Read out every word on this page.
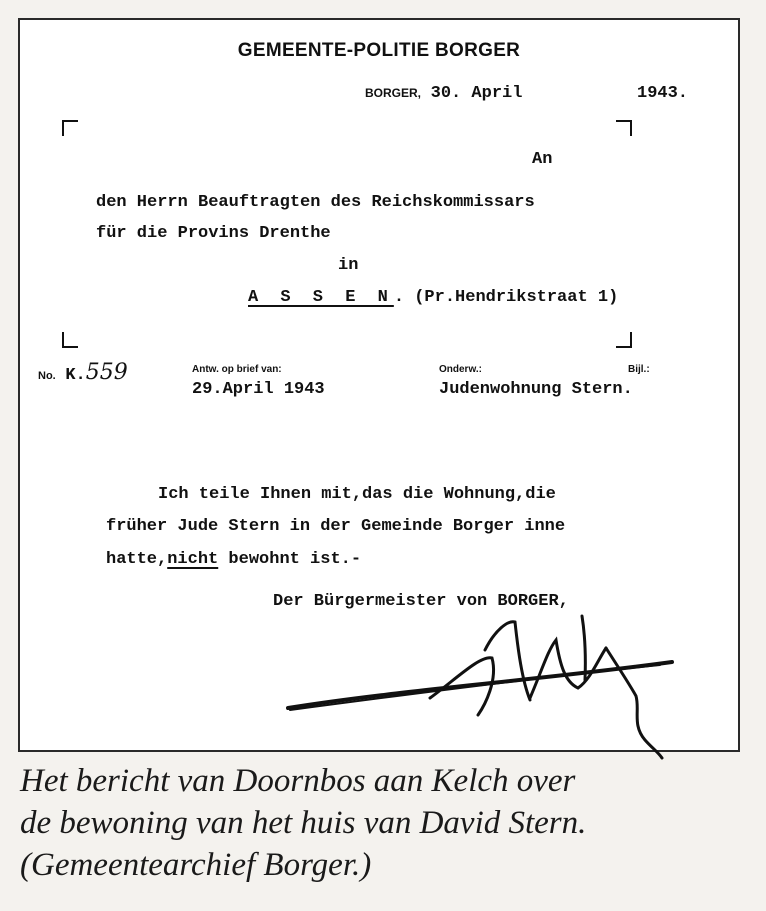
GEMEENTE-POLITIE BORGER
BORGER, 30. April	1943.
An
den Herrn Beauftragten des Reichskommissars
für die Provins Drenthe
in
A S S E N. (Pr.Hendrikstraat 1)
No. K.559	Antw. op brief van:
29.April 1943
Onderw.:
Judenwohnung Stern.
Bijl.:
Ich teile Ihnen mit,das die Wohnung,die
früher Jude Stern in der Gemeinde Borger inne
hatte,nicht bewohnt ist.-
Der Bürgermeister von BORGER,
Het bericht van Doornbos aan Kelch over
de bewoning van het huis van David Stern.
(Gemeentearchief Borger.)
